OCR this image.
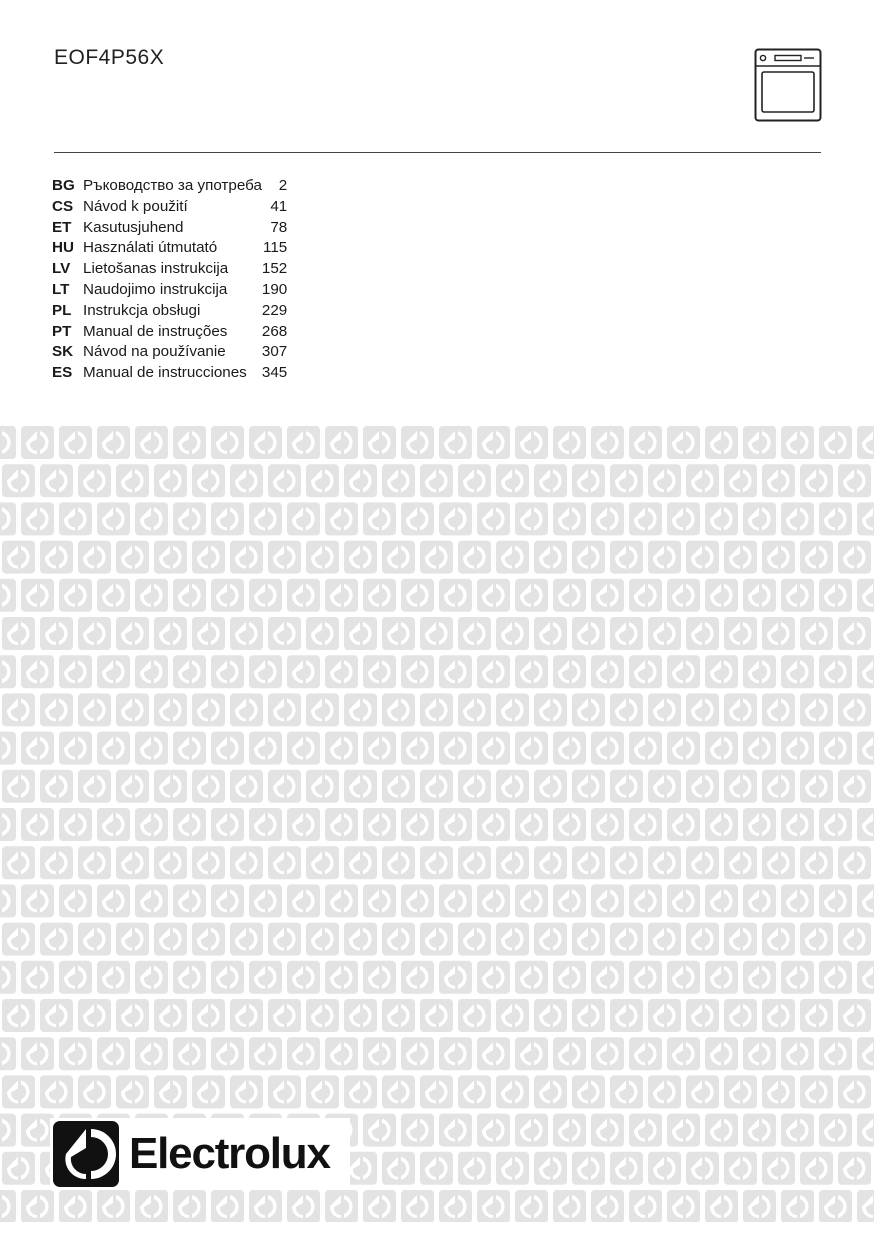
EOF4P56X
BG	Ръководство за употреба	2
CS	Návod k použití	41
ET	Kasutusjuhend	78
HU	Használati útmutató	115
LV	Lietošanas instrukcija	152
LT	Naudojimo instrukcija	190
PL	Instrukcja obsługi	229
PT	Manual de instruções	268
SK	Návod na používanie	307
ES	Manual de instrucciones	345
Electrolux
